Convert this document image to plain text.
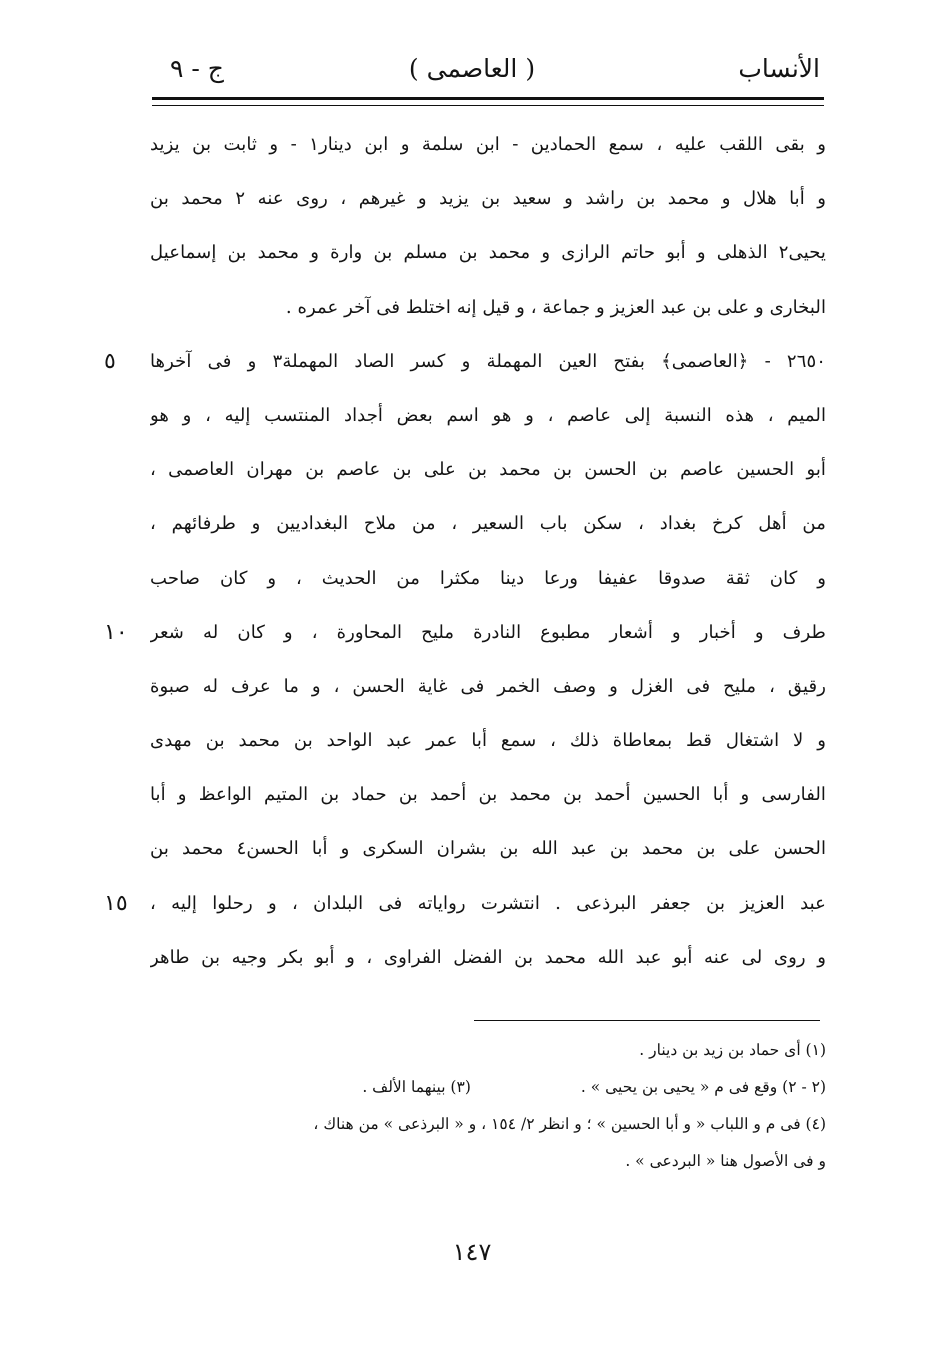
الأنساب
( العاصمى )
ج - ٩
و بقى اللقب عليه ، سمع الحمادين - ابن سلمة و ابن دينار١ - و ثابت بن يزيد
و أبا هلال و محمد بن راشد و سعيد بن يزيد و غيرهم ، روى عنه ٢ محمد بن
يحيى٢ الذهلى و أبو حاتم الرازى و محمد بن مسلم بن وارة و محمد بن إسماعيل
البخارى و على بن عبد العزيز و جماعة ، و قيل إنه اختلط فى آخر عمره .
٢٦٥٠ - ﴿العاصمى﴾ بفتح العين المهملة و كسر الصاد المهملة٣ و فى آخرها
الميم ، هذه النسبة إلى عاصم ، و هو اسم بعض أجداد المنتسب إليه ، و هو
أبو الحسين عاصم بن الحسن بن محمد بن على بن عاصم بن مهران العاصمى ،
من أهل كرخ بغداد ، سكن باب السعير ، من ملاح البغداديين و طرفائهم ،
و كان ثقة صدوقا عفيفا ورعا دينا مكثرا من الحديث ، و كان صاحب
طرف و أخبار و أشعار مطبوع النادرة مليح المحاورة ، و كان له شعر
رقيق ، مليح فى الغزل و وصف الخمر فى غاية الحسن ، و ما عرف له صبوة
و لا اشتغال قط بمعاطاة ذلك ، سمع أبا عمر عبد الواحد بن محمد بن مهدى
الفارسى و أبا الحسين أحمد بن محمد بن أحمد بن حماد بن المتيم الواعظ و أبا
الحسن على بن محمد بن عبد الله بن بشران السكرى و أبا الحسن٤ محمد بن
عبد العزيز بن جعفر البرذعى . انتشرت رواياته فى البلدان ، و رحلوا إليه ،
و روى لى عنه أبو عبد الله محمد بن الفضل الفراوى ، و أبو بكر وجيه بن طاهر
٥
١٠
١٥
(١) أى حماد بن زيد بن دينار .
(٢ - ٢) وقع فى م « يحيى بن يحيى » .
(٣) بينهما الألف .
(٤) فى م و اللباب « و أبا الحسين » ؛ و انظر ٢/ ١٥٤ ، و « البرذعى » من هناك ،
و فى الأصول هنا « البردعى » .
١٤٧
